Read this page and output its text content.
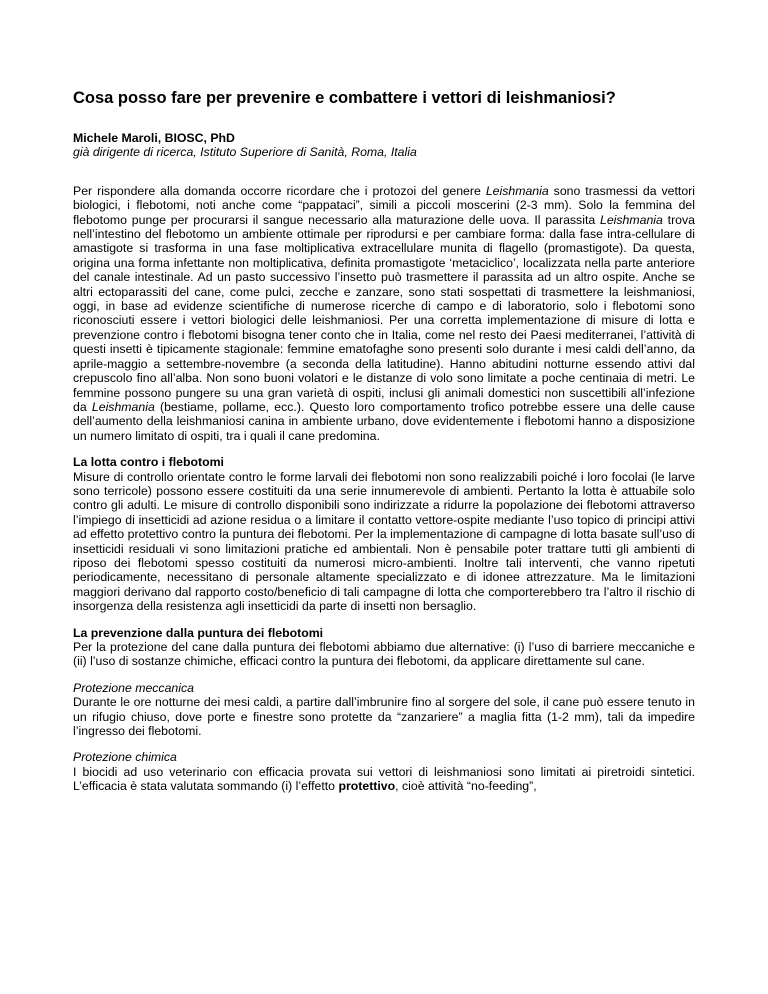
Cosa posso fare per prevenire e combattere i vettori di leishmaniosi?

Michele Maroli, BIOSC, PhD

già dirigente di ricerca, Istituto Superiore di Sanità, Roma, Italia

Per rispondere alla domanda occorre ricordare che i protozoi del genere Leishmania sono trasmessi da vettori biologici, i flebotomi, noti anche come “pappataci”, simili a piccoli moscerini (2-3 mm). Solo la femmina del flebotomo punge per procurarsi il sangue necessario alla maturazione delle uova. Il parassita Leishmania trova nell’intestino del flebotomo un ambiente ottimale per riprodursi e per cambiare forma: dalla fase intra-cellulare di amastigote si trasforma in una fase moltiplicativa extracellulare munita di flagello (promastigote). Da questa, origina una forma infettante non moltiplicativa, definita promastigote ‘metaciclico’, localizzata nella parte anteriore del canale intestinale. Ad un pasto successivo l’insetto può trasmettere il parassita ad un altro ospite. Anche se altri ectoparassiti del cane, come pulci, zecche e zanzare, sono stati sospettati di trasmettere la leishmaniosi, oggi, in base ad evidenze scientifiche di numerose ricerche di campo e di laboratorio, solo i flebotomi sono riconosciuti essere i vettori biologici delle leishmaniosi. Per una corretta implementazione di misure di lotta e prevenzione contro i flebotomi bisogna tener conto che in Italia, come nel resto dei Paesi mediterranei, l’attività di questi insetti è tipicamente stagionale: femmine ematofaghe sono presenti solo durante i mesi caldi dell’anno, da aprile-maggio a settembre-novembre (a seconda della latitudine). Hanno abitudini notturne essendo attivi dal crepuscolo fino all’alba. Non sono buoni volatori e le distanze di volo sono limitate a poche centinaia di metri. Le femmine possono pungere su una gran varietà di ospiti, inclusi gli animali domestici non suscettibili all’infezione da Leishmania (bestiame, pollame, ecc.). Questo loro comportamento trofico potrebbe essere una delle cause dell’aumento della leishmaniosi canina in ambiente urbano, dove evidentemente i flebotomi hanno a disposizione un numero limitato di ospiti, tra i quali il cane predomina.

La lotta contro i flebotomi

Misure di controllo orientate contro le forme larvali dei flebotomi non sono realizzabili poiché i loro focolai (le larve sono terricole) possono essere costituiti da una serie innumerevole di ambienti. Pertanto la lotta è attuabile solo contro gli adulti. Le misure di controllo disponibili sono indirizzate a ridurre la popolazione dei flebotomi attraverso l’impiego di insetticidi ad azione residua o a limitare il contatto vettore-ospite mediante l’uso topico di principi attivi ad effetto protettivo contro la puntura dei flebotomi. Per la implementazione di campagne di lotta basate sull’uso di insetticidi residuali vi sono limitazioni pratiche ed ambientali. Non è pensabile poter trattare tutti gli ambienti di riposo dei flebotomi spesso costituiti da numerosi micro-ambienti. Inoltre tali interventi, che vanno ripetuti periodicamente, necessitano di personale altamente specializzato e di idonee attrezzature. Ma le limitazioni maggiori derivano dal rapporto costo/beneficio di tali campagne di lotta che comporterebbero tra l’altro il rischio di insorgenza della resistenza agli insetticidi da parte di insetti non bersaglio.

La prevenzione dalla puntura dei flebotomi

Per la protezione del cane dalla puntura dei flebotomi abbiamo due alternative: (i) l’uso di barriere meccaniche e (ii) l’uso di sostanze chimiche, efficaci contro la puntura dei flebotomi, da applicare direttamente sul cane.

Protezione meccanica

Durante le ore notturne dei mesi caldi, a partire dall’imbrunire fino al sorgere del sole, il cane può essere tenuto in un rifugio chiuso, dove porte e finestre sono protette da “zanzariere” a maglia fitta (1-2 mm), tali da impedire l’ingresso dei flebotomi.

Protezione chimica

I biocidi ad uso veterinario con efficacia provata sui vettori di leishmaniosi sono limitati ai piretroidi sintetici. L’efficacia è stata valutata sommando (i) l’effetto protettivo, cioè attività “no-feeding”,
